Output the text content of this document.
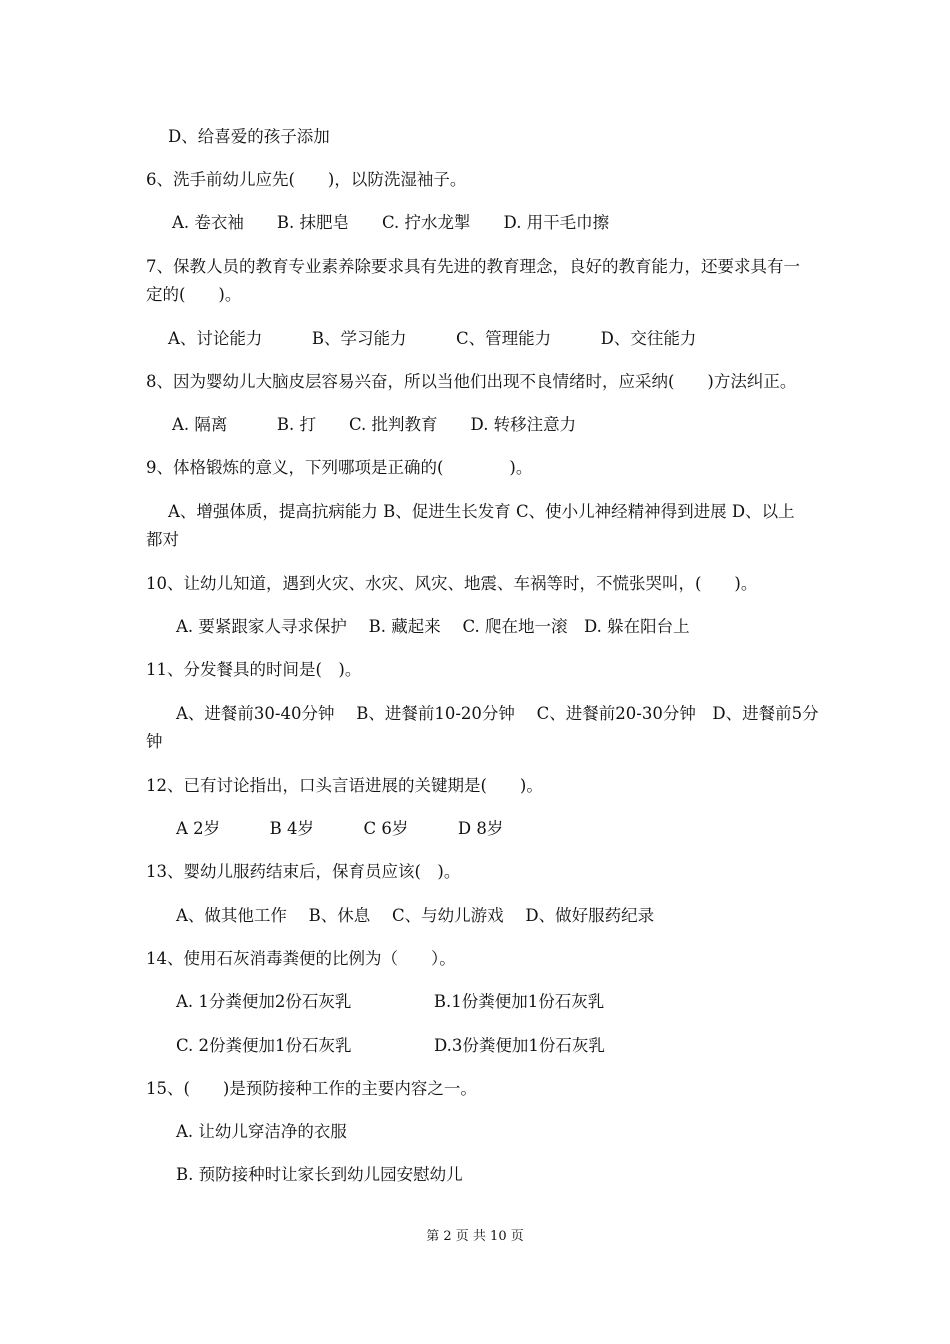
D、给喜爱的孩子添加
6、洗手前幼儿应先(　　)，以防洗湿袖子。
A. 卷衣袖　　B. 抹肥皂　　C. 拧水龙掣　　D. 用干毛巾擦
7、保教人员的教育专业素养除要求具有先进的教育理念，良好的教育能力，还要求具有一
定的(　　)。
A、讨论能力　　　B、学习能力　　　C、管理能力　　　D、交往能力
8、因为婴幼儿大脑皮层容易兴奋，所以当他们出现不良情绪时，应采纳(　　)方法纠正。
A. 隔离　　　B. 打　　C. 批判教育　　D. 转移注意力
9、体格锻炼的意义，下列哪项是正确的(　　　　)。
A、增强体质，提高抗病能力 B、促进生长发育 C、使小儿神经精神得到进展 D、以上
都对
10、让幼儿知道，遇到火灾、水灾、风灾、地震、车祸等时，不慌张哭叫，(　　)。
A. 要紧跟家人寻求保护　 B. 藏起来　 C. 爬在地一滚　D. 躲在阳台上
11、分发餐具的时间是(　)。
A、进餐前30-40分钟　 B、进餐前10-20分钟　 C、进餐前20-30分钟　D、进餐前5分
钟
12、已有讨论指出，口头言语进展的关键期是(　　)。
A 2岁　　　B 4岁　　　C 6岁　　　D 8岁
13、婴幼儿服药结束后，保育员应该(　)。
A、做其他工作　 B、休息　 C、与幼儿游戏　 D、做好服药纪录
14、使用石灰消毒粪便的比例为（　　）。
A. 1分粪便加2份石灰乳　　　　　B.1份粪便加1份石灰乳
C. 2份粪便加1份石灰乳　　　　　D.3份粪便加1份石灰乳
15、(　　)是预防接种工作的主要内容之一。
A. 让幼儿穿洁净的衣服
B. 预防接种时让家长到幼儿园安慰幼儿
第 2 页 共 10 页
